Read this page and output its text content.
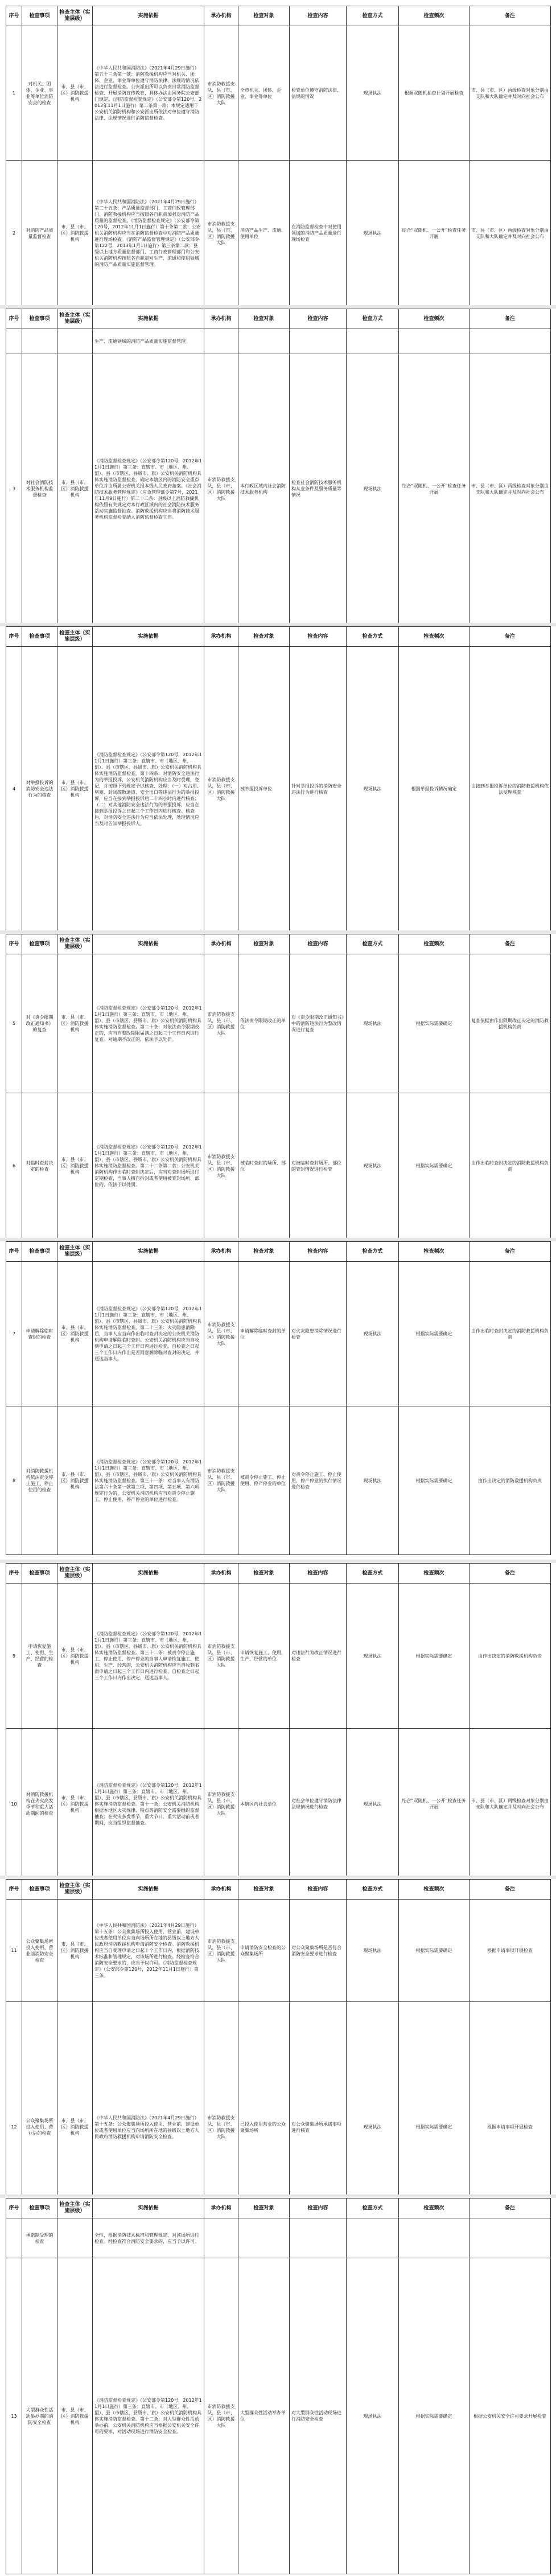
序号	检查事项	检查主体（实施层级）	实施依据	承办机构	检查对象	检查内容	检查方式	检查频次	备注
1	对机关、团体、企业、事业等单位消防安全的检查	市、县（市、区）消防救援机构	《中华人民共和国消防法》（2021年4月29日施行）第五十三条第一款：消防救援机构应当对机关、团体、企业、事业等单位遵守消防法律、法规的情况依法进行监督检查。公安派出所可以负责日常消防监督检查、开展消防宣传教育，具体办法由国务院公安部门规定。《消防监督检查规定》（公安部令第120号，2012年11月1日施行）第二条第一款：本规定适用于公安机关消防机构和公安派出所依法对单位遵守消防法律、法规情况进行消防监督检查。	市消防救援支队，县（市、区）消防救援大队	全市机关、团体、企业、事业等单位	检查单位遵守消防法律、法规的情况	现场执法	根据双随机抽查计划开展检查	市、县（市、区）两级检查对象分别由支队和大队确定并及时向社会公布
2	对消防产品质量监督检查	市、县（市、区）消防救援机构	《中华人民共和国消防法》（2021年4月29日施行）第二十五条：产品质量监督部门、工商行政管理部门、消防救援机构应当按照各自职责加强对消防产品质量的监督检查。《消防监督检查规定》（公安部令第120号，2012年11月1日施行）第十条第二款：公安机关消防机构应当在消防监督检查中对消防产品质量进行现场检查。《消防产品监督管理规定》（公安部令第122号，2013年1月1日施行）第三条第二款：县级以上地方质量监督部门、工商行政管理部门和公安机关消防机构按照各自职责对生产、流通和使用领域的消防产品质量实施监督管理。	市消防救援支队，县（市、区）消防救援大队	消防产品生产、流通、使用单位	在消防监督检查中对使用领域的消防产品质量进行现场检查	现场执法	结合“双随机、一公开”检查任务开展	市、县（市、区）两级检查对象分别由支队和大队确定并及时向社会公布
序号	检查事项	检查主体（实施层级）	实施依据	承办机构	检查对象	检查内容	检查方式	检查频次	备注
			生产、流通领域的消防产品质量实施监督管理。						
3	对社会消防技术服务机构监督检查	市、县（市、区）消防救援机构	《消防监督检查规定》（公安部令第120号，2012年11月1日施行）第三条：直辖市、市（地区、州、盟）、县（市辖区、县级市、旗）公安机关消防机构具体实施消防监督检查，确定本辖区内的消防安全重点单位并由所属公安机关报本级人民政府备案。《社会消防技术服务管理规定》（应急管理部令第7号，2021年11月9日施行）第二十二条：县级以上消防救援机构依照有关规定对本行政区域内的社会消防技术服务活动实施监督抽查。消防救援机构应当将消防技术服务机构监督检查纳入消防监督检查工作。	市消防救援支队，县（市、区）消防救援大队	本行政区域内社会消防技术服务机构	检查社会消防技术服务机构从业条件及服务质量等情况	现场执法	结合“双随机、一公开”检查任务开展	市、县（市、区）两级检查对象分别由支队和大队确定并及时向社会公布
序号	检查事项	检查主体（实施层级）	实施依据	承办机构	检查对象	检查内容	检查方式	检查频次	备注
4	对举报投诉的消防安全违法行为的核查	市、县（市、区）消防救援机构	《消防监督检查规定》（公安部令第120号，2012年11月1日施行）第三条：直辖市、市（地区、州、盟）、县（市辖区、县级市、旗）公安机关消防机构具体实施消防监督检查。第十四条：对消防安全违法行为的举报投诉，公安机关消防机构应当及时受理、登记，并按照下列规定予以核查、处理：（一）对占用、堵塞、封闭疏散通道、安全出口等违法行为的举报投诉，应当在接到举报投诉后二十四小时内进行核查；（二）对其他消防安全违法行为的举报投诉，应当在接到举报投诉之日起三个工作日内进行核查。核查后，对消防安全违法行为应当依法处理，处理情况应当及时告知举报投诉人。	市消防救援支队，县（市、区）消防救援大队	被举报投诉单位	针对举报投诉的消防安全违法行为进行核查	现场执法	根据举报投诉情况确定	由接到举报投诉单位的消防救援机构依法受理核查
序号	检查事项	检查主体（实施层级）	实施依据	承办机构	检查对象	检查内容	检查方式	检查频次	备注
5	对《责令限期改正通知书》的复查	市、县（市、区）消防救援机构	《消防监督检查规定》（公安部令第120号，2012年11月1日施行）第三条：直辖市、市（地区、州、盟）、县（市辖区、县级市、旗）公安机关消防机构具体实施消防监督检查。第二十条：对依法责令限期改正的，应当自整改期限届满之日起三个工作日内进行复查。对逾期不改正的，依法予以处罚。	市消防救援支队，县（市、区）消防救援大队	依法责令限期改正的单位	对《责令限期改正通知书》中的消防违法行为整改情况进行复查	现场执法	根据实际需要确定	复查依据由作出限期改正决定的消防救援机构负责
6	对临时查封决定的检查	市、县（市、区）消防救援机构	《消防监督检查规定》（公安部令第120号，2012年11月1日施行）第三条：直辖市、市（地区、州、盟）、县（市辖区、县级市、旗）公安机关消防机构具体实施消防监督检查。第二十二条第二款：公安机关消防机构作出临时查封决定后，应当对查封场所进行定期检查，当事人擅自拆封或者使用被查封场所、部位的，依法予以处罚。	市消防救援支队，县（市、区）消防救援大队	被临时查封的场所、部位	对被临时查封场所、部位的查封情况进行检查	现场执法	根据实际需要确定	由作出临时查封决定的消防救援机构负责
序号	检查事项	检查主体（实施层级）	实施依据	承办机构	检查对象	检查内容	检查方式	检查频次	备注
7	申请解除临时查封的检查	市、县（市、区）消防救援机构	《消防监督检查规定》（公安部令第120号，2012年11月1日施行）第三条：直辖市、市（地区、州、盟）、县（市辖区、县级市、旗）公安机关消防机构具体实施消防监督检查。第二十三条：火灾隐患消除后，当事人应当向作出临时查封决定的公安机关消防机构申请解除临时查封。公安机关消防机构应当自收到申请之日起三个工作日内进行检查，自检查之日起三个工作日内作出是否同意解除临时查封的决定，并送达当事人。	市消防救援支队，县（市、区）消防救援大队	申请解除临时查封的单位	对火灾隐患消除情况进行检查	现场执法	根据实际需要确定	由作出临时查封决定的消防救援机构负责
8	对消防救援机构依法责令停止施工、停止使用的检查	市、县（市、区）消防救援机构	《消防监督检查规定》（公安部令第120号，2012年11月1日施行）第三条：直辖市、市（地区、州、盟）、县（市辖区、县级市、旗）公安机关消防机构具体实施消防监督检查。第三十一条：对当事人有消防法第六十条第一款第三项、第四项、第五项、第六项规定行为的，公安机关消防机构应当对责令停止施工、停止使用、停产停业的单位进行检查。	市消防救援支队，县（市、区）消防救援大队	被责令停止施工、停止使用、停产停业的单位	对责令停止施工、停止使用、停产停业的执行情况进行检查	现场执法	根据实际需要确定	由作出决定的消防救援机构负责
序号	检查事项	检查主体（实施层级）	实施依据	承办机构	检查对象	检查内容	检查方式	检查频次	备注
9	申请恢复施工、使用、生产、经营的检查	市、县（市、区）消防救援机构	《消防监督检查规定》（公安部令第120号，2012年11月1日施行）第三条：直辖市、市（地区、州、盟）、县（市辖区、县级市、旗）公安机关消防机构具体实施消防监督检查。第三十二条：被责令停止施工、停止使用、停产停业的当事人申请恢复施工、使用、生产、经营的，公安机关消防机构应当自收到书面申请之日起三个工作日内进行检查，自检查之日起三个工作日内作出决定，送达当事人。	市消防救援支队，县（市、区）消防救援大队	申请恢复施工、使用、生产、经营的单位	对违法行为改正情况进行检查	现场执法	根据实际需要确定	由作出决定的消防救援机构负责
10	对消防救援机构在火灾高发季节和重大活动期间的检查	市、县（市、区）消防救援机构	《消防监督检查规定》（公安部令第120号，2012年11月1日施行）第三条：直辖市、市（地区、州、盟）、县（市辖区、县级市、旗）公安机关消防机构具体实施消防监督检查。第十一条：公安机关消防机构根据本地区火灾规律、特点等消防安全需要组织监督抽查；在火灾多发季节，重大节日、重大活动前或者期间，应当组织监督抽查。	市消防救援支队，县（市、区）消防救援大队	本辖区内社会单位	对社会单位遵守消防法律法规情况进行检查	现场执法	结合“双随机、一公开”检查任务开展	市、县（市、区）两级检查对象分别由支队和大队确定并及时向社会公布
序号	检查事项	检查主体（实施层级）	实施依据	承办机构	检查对象	检查内容	检查方式	检查频次	备注
11	公众聚集场所投入使用、营业前消防安全检查	市、县（市、区）消防救援机构	《中华人民共和国消防法》（2021年4月29日施行）第十五条：公众聚集场所投入使用、营业前，建设单位或者使用单位应当向场所所在地的县级以上地方人民政府消防救援机构申请消防安全检查。消防救援机构应当自受理申请之日起十个工作日内，根据消防技术标准和管理规定，对该场所进行检查。经检查符合消防安全要求的，应当予以许可。《消防监督检查规定》（公安部令第120号，2012年11月1日施行）第三条。	市消防救援支队，县（市、区）消防救援大队	申请消防安全检查的公众聚集场所	对公众聚集场所是否符合消防安全要求进行检查	现场执法	根据实际需要确定	根据申请事项开展检查
12	公众聚集场所投入使用、营业后的检查	市、县（市、区）消防救援机构	《中华人民共和国消防法》（2021年4月29日施行）第十五条：公众聚集场所投入使用、营业前，建设单位或者使用单位应当向场所所在地的县级以上地方人民政府消防救援机构申请消防安全检查。	市消防救援支队，县（市、区）消防救援大队	已投入使用营业的公众聚集场所	对公众聚集场所承诺事项进行核查	现场执法	根据实际需要确定	根据申请事项开展检查
序号	检查事项	检查主体（实施层级）	实施依据	承办机构	检查对象	检查内容	检查方式	检查频次	备注
	承诺制受理的检查		全性，根据消防技术标准和管理规定，对该场所进行检查。经检查符合消防安全要求的，应当予以许可。						
13	大型群众性活动举办前的消防安全检查	市、县（市、区）消防救援机构	《消防监督检查规定》（公安部令第120号，2012年11月1日施行）第三条：直辖市、市（地区、州、盟）、县（市辖区、县级市、旗）公安机关消防机构具体实施消防监督检查。第十二条：对大型群众性活动举办前，公安机关消防机构应当根据公安机关安全许可的要求，对活动现场进行消防安全检查。	市消防救援支队，县（市、区）消防救援大队	大型群众性活动举办单位	对大型群众性活动现场进行消防安全检查	现场执法	根据实际需要确定	根据公安机关安全许可要求开展检查
